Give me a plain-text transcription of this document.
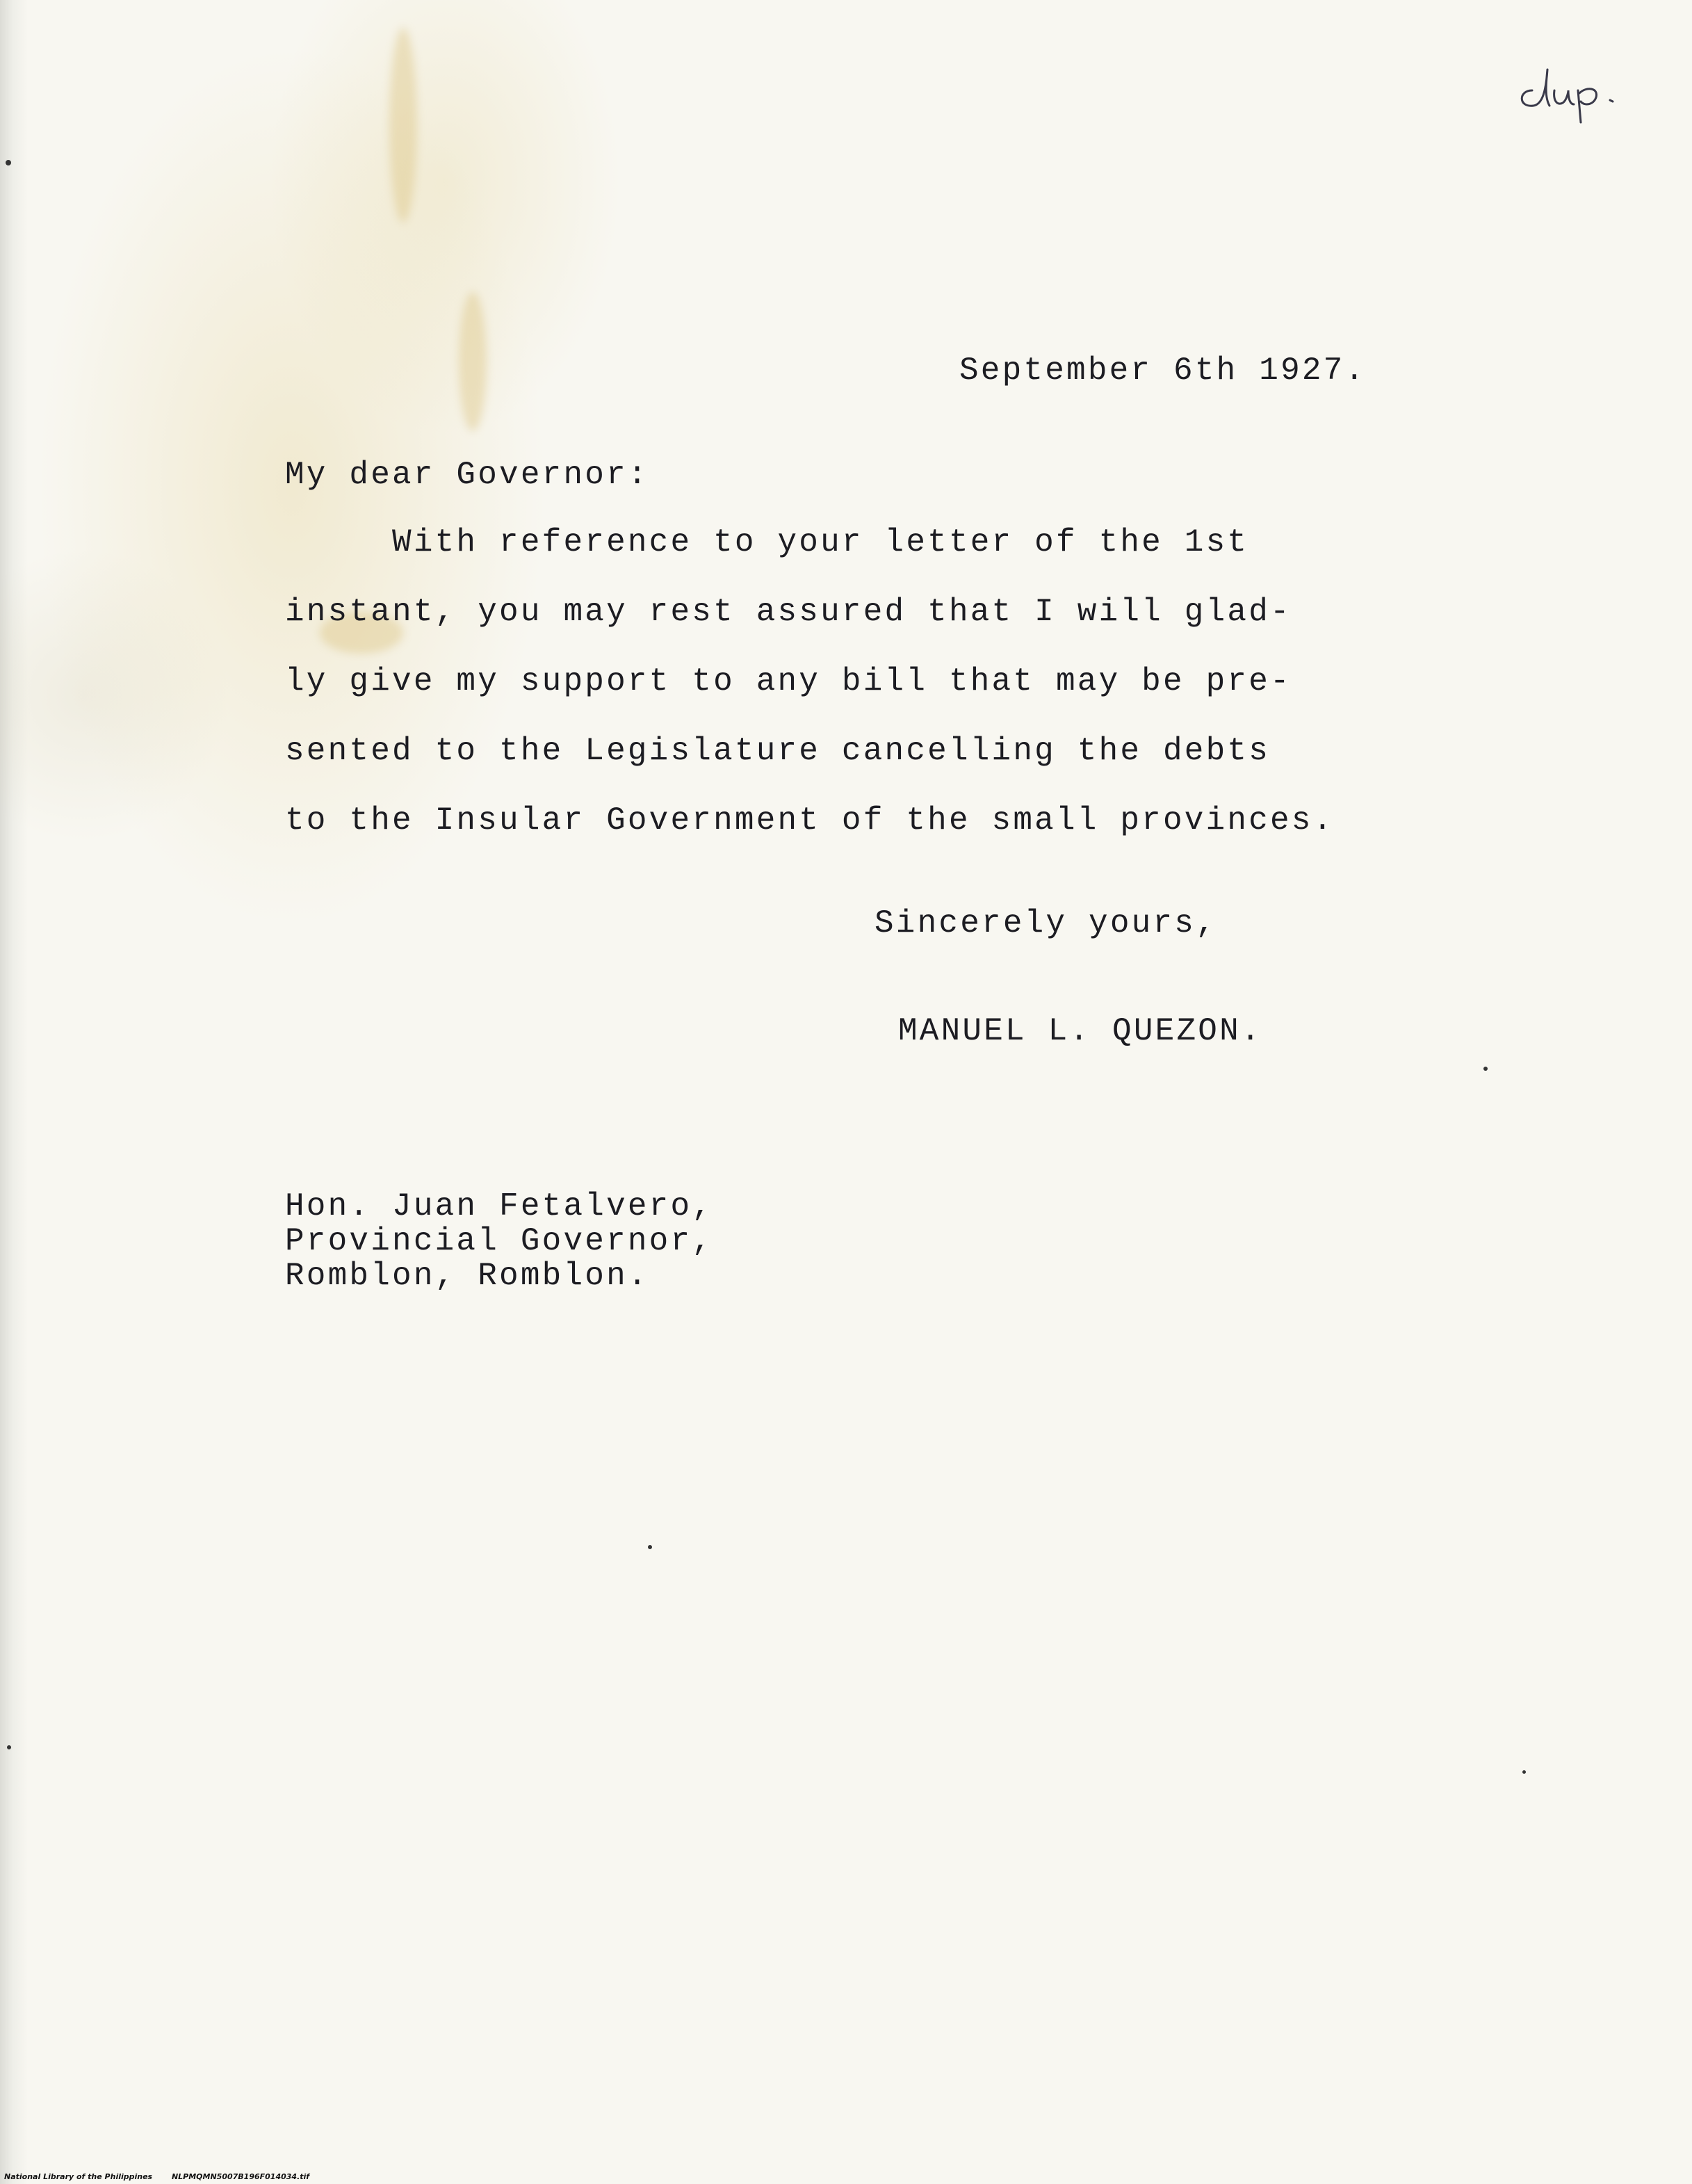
September 6th 1927.
My dear Governor:
With reference to your letter of the 1st
instant, you may rest assured that I will glad-
ly give my support to any bill that may be pre-
sented to the Legislature cancelling the debts
to the Insular Government of the small provinces.
Sincerely yours,
MANUEL L. QUEZON.
Hon. Juan Fetalvero,
Provincial Governor,
Romblon, Romblon.
National Library of the Philippines	NLPMQMN5007B196F014034.tif
